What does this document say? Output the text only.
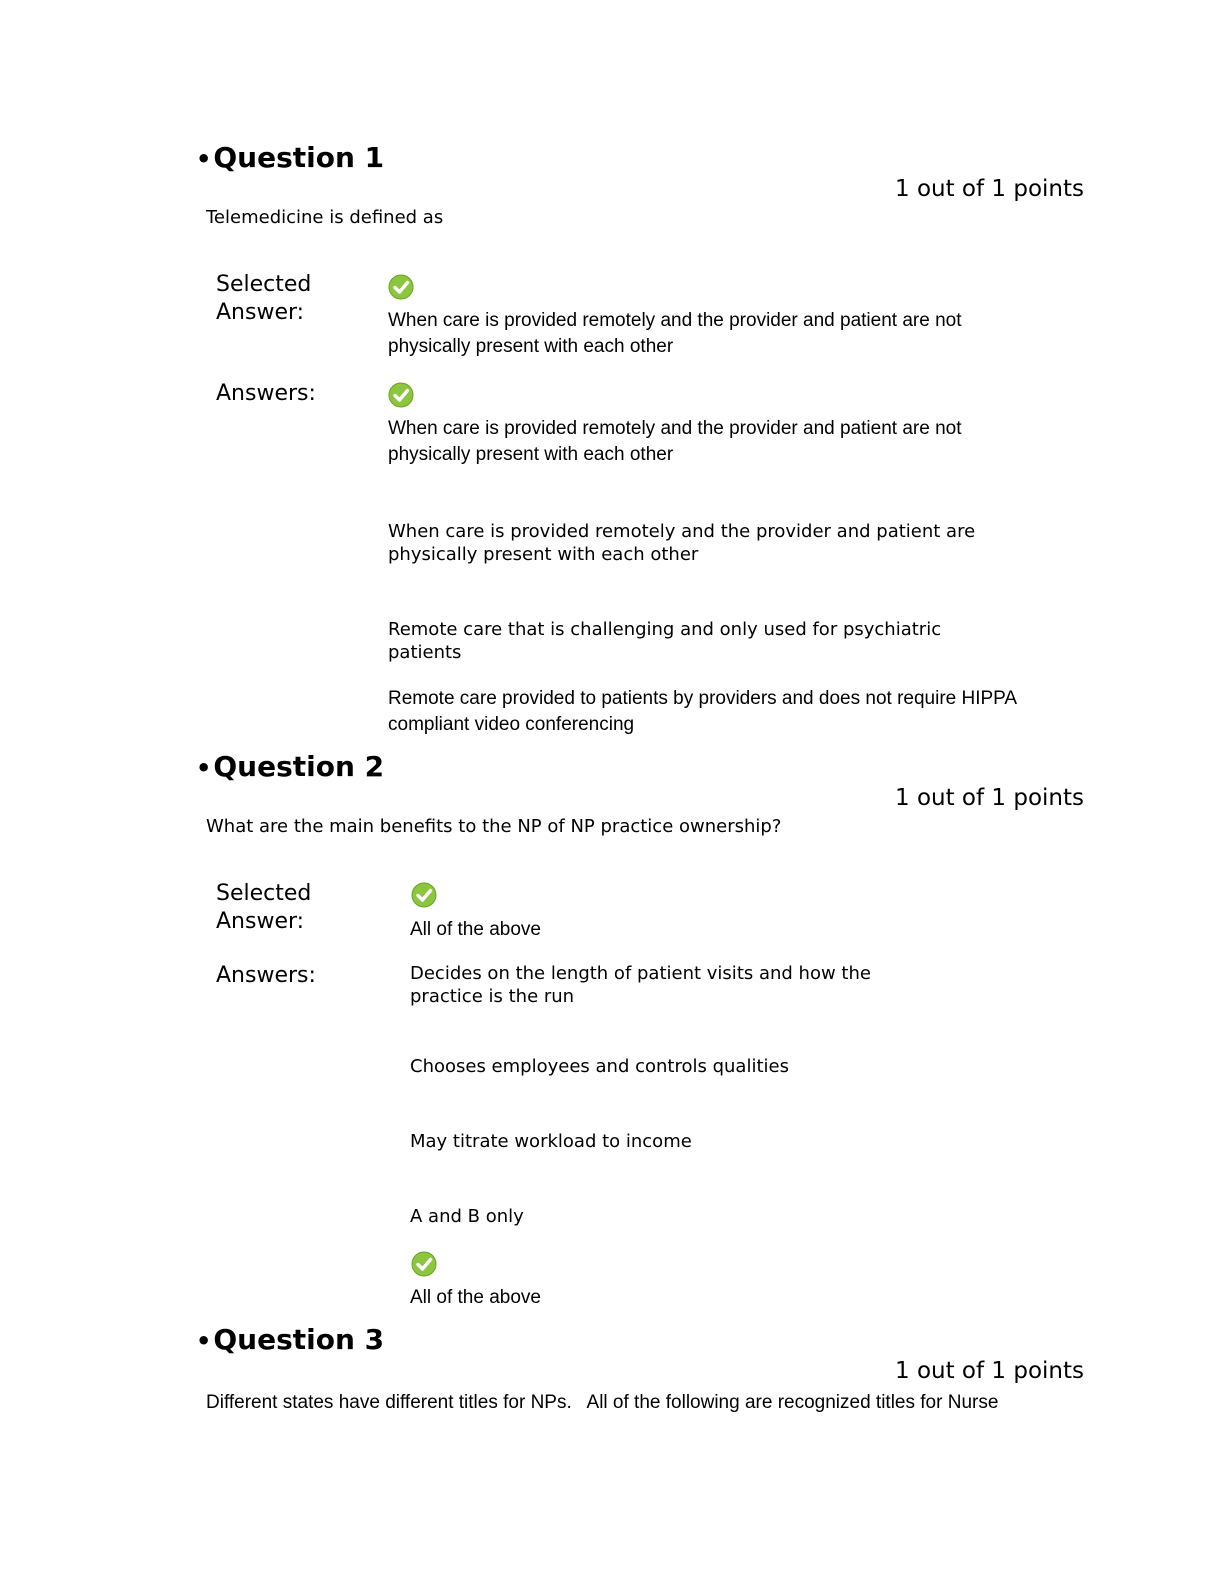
•Question 1
1 out of 1 points
Telemedicine is defined as
Selected Answer:	When care is provided remotely and the provider and patient are not
physically present with each other
Answers:
When care is provided remotely and the provider and patient are not
physically present with each other
When care is provided remotely and the provider and patient are
physically present with each other
Remote care that is challenging and only used for psychiatric
patients
Remote care provided to patients by providers and does not require HIPPA
compliant video conferencing
•Question 2
1 out of 1 points
What are the main benefits to the NP of NP practice ownership?
Selected Answer:	All of the above
Answers:	Decides on the length of patient visits and how the
practice is the run
Chooses employees and controls qualities
May titrate workload to income
A and B only
All of the above
•Question 3
1 out of 1 points
Different states have different titles for NPs.   All of the following are recognized titles for Nurse
